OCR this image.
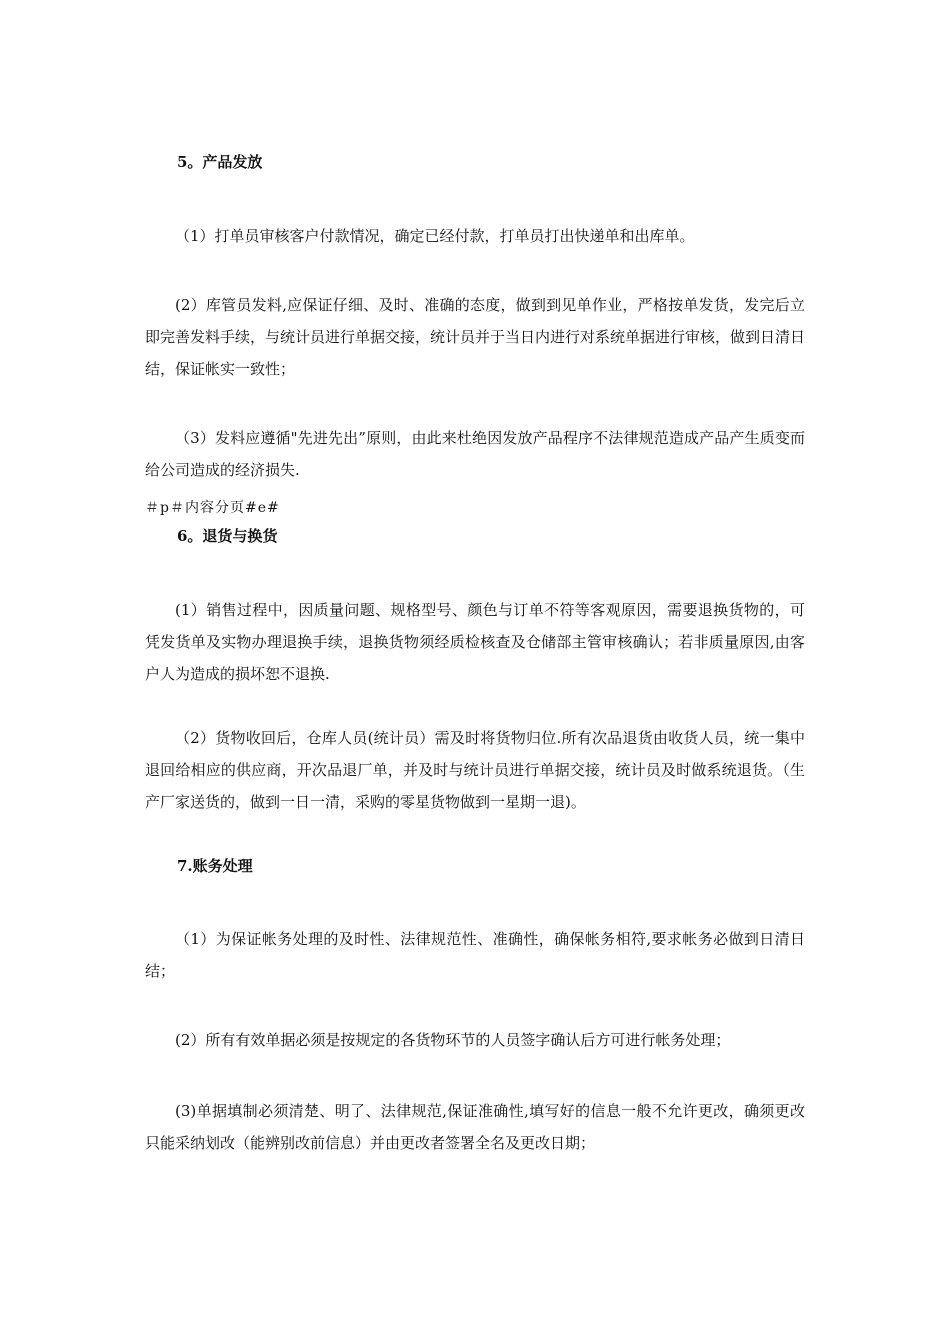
5。产品发放

（1）打单员审核客户付款情况，确定已经付款，打单员打出快递单和出库单。

(2）库管员发料,应保证仔细、及时、准确的态度，做到到见单作业，严格按单发货，发完后立即完善发料手续，与统计员进行单据交接，统计员并于当日内进行对系统单据进行审核，做到日清日结，保证帐实一致性；

（3）发料应遵循"先进先出”原则，由此来杜绝因发放产品程序不法律规范造成产品产生质变而给公司造成的经济损失.

＃p＃内容分页#e#

6。退货与换货

(1）销售过程中，因质量问题、规格型号、颜色与订单不符等客观原因，需要退换货物的，可凭发货单及实物办理退换手续，退换货物须经质检核查及仓储部主管审核确认；若非质量原因,由客户人为造成的损坏恕不退换.

（2）货物收回后，仓库人员(统计员）需及时将货物归位.所有次品退货由收货人员，统一集中退回给相应的供应商，开次品退厂单，并及时与统计员进行单据交接，统计员及时做系统退货。（生产厂家送货的，做到一日一清，采购的零星货物做到一星期一退)。

7.账务处理

（1）为保证帐务处理的及时性、法律规范性、准确性，确保帐务相符,要求帐务必做到日清日结；

(2）所有有效单据必须是按规定的各货物环节的人员签字确认后方可进行帐务处理；

(3)单据填制必须清楚、明了、法律规范,保证准确性,填写好的信息一般不允许更改，确须更改只能采纳划改（能辨别改前信息）并由更改者签署全名及更改日期；
